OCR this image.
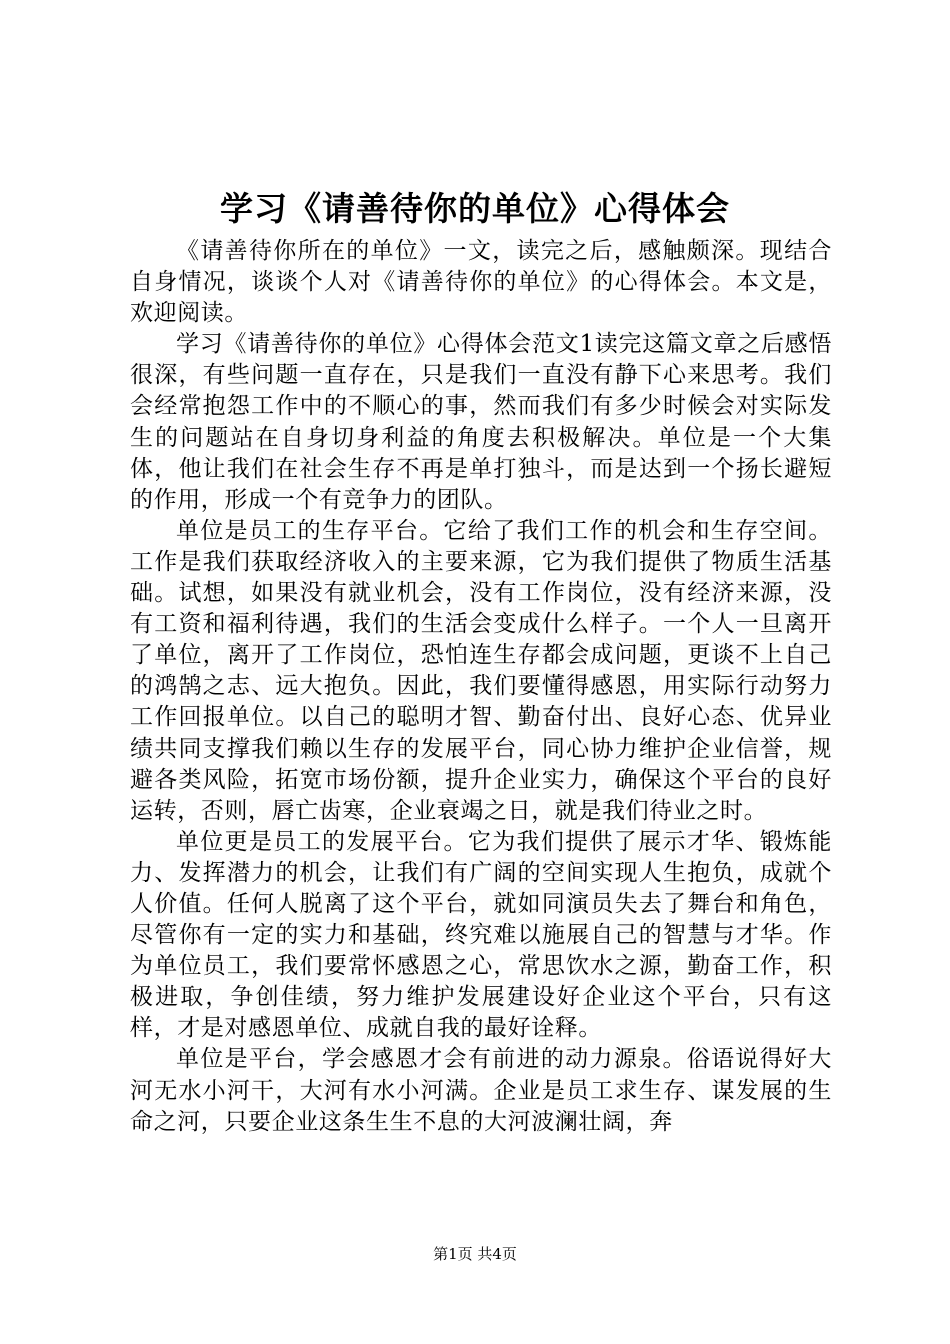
学习《请善待你的单位》心得体会

《请善待你所在的单位》一文，读完之后，感触颇深。现结合自身情况，谈谈个人对《请善待你的单位》的心得体会。本文是，欢迎阅读。

学习《请善待你的单位》心得体会范文1读完这篇文章之后感悟很深，有些问题一直存在，只是我们一直没有静下心来思考。我们会经常抱怨工作中的不顺心的事，然而我们有多少时候会对实际发生的问题站在自身切身利益的角度去积极解决。单位是一个大集体，他让我们在社会生存不再是单打独斗，而是达到一个扬长避短的作用，形成一个有竞争力的团队。

单位是员工的生存平台。它给了我们工作的机会和生存空间。工作是我们获取经济收入的主要来源，它为我们提供了物质生活基础。试想，如果没有就业机会，没有工作岗位，没有经济来源，没有工资和福利待遇，我们的生活会变成什么样子。一个人一旦离开了单位，离开了工作岗位，恐怕连生存都会成问题，更谈不上自己的鸿鹄之志、远大抱负。因此，我们要懂得感恩，用实际行动努力工作回报单位。以自己的聪明才智、勤奋付出、良好心态、优异业绩共同支撑我们赖以生存的发展平台，同心协力维护企业信誉，规避各类风险，拓宽市场份额，提升企业实力，确保这个平台的良好运转，否则，唇亡齿寒，企业衰竭之日，就是我们待业之时。

单位更是员工的发展平台。它为我们提供了展示才华、锻炼能力、发挥潜力的机会，让我们有广阔的空间实现人生抱负，成就个人价值。任何人脱离了这个平台，就如同演员失去了舞台和角色，尽管你有一定的实力和基础，终究难以施展自己的智慧与才华。作为单位员工，我们要常怀感恩之心，常思饮水之源，勤奋工作，积极进取，争创佳绩，努力维护发展建设好企业这个平台，只有这样，才是对感恩单位、成就自我的最好诠释。

单位是平台，学会感恩才会有前进的动力源泉。俗语说得好大河无水小河干，大河有水小河满。企业是员工求生存、谋发展的生命之河，只要企业这条生生不息的大河波澜壮阔，奔

第1页 共4页
